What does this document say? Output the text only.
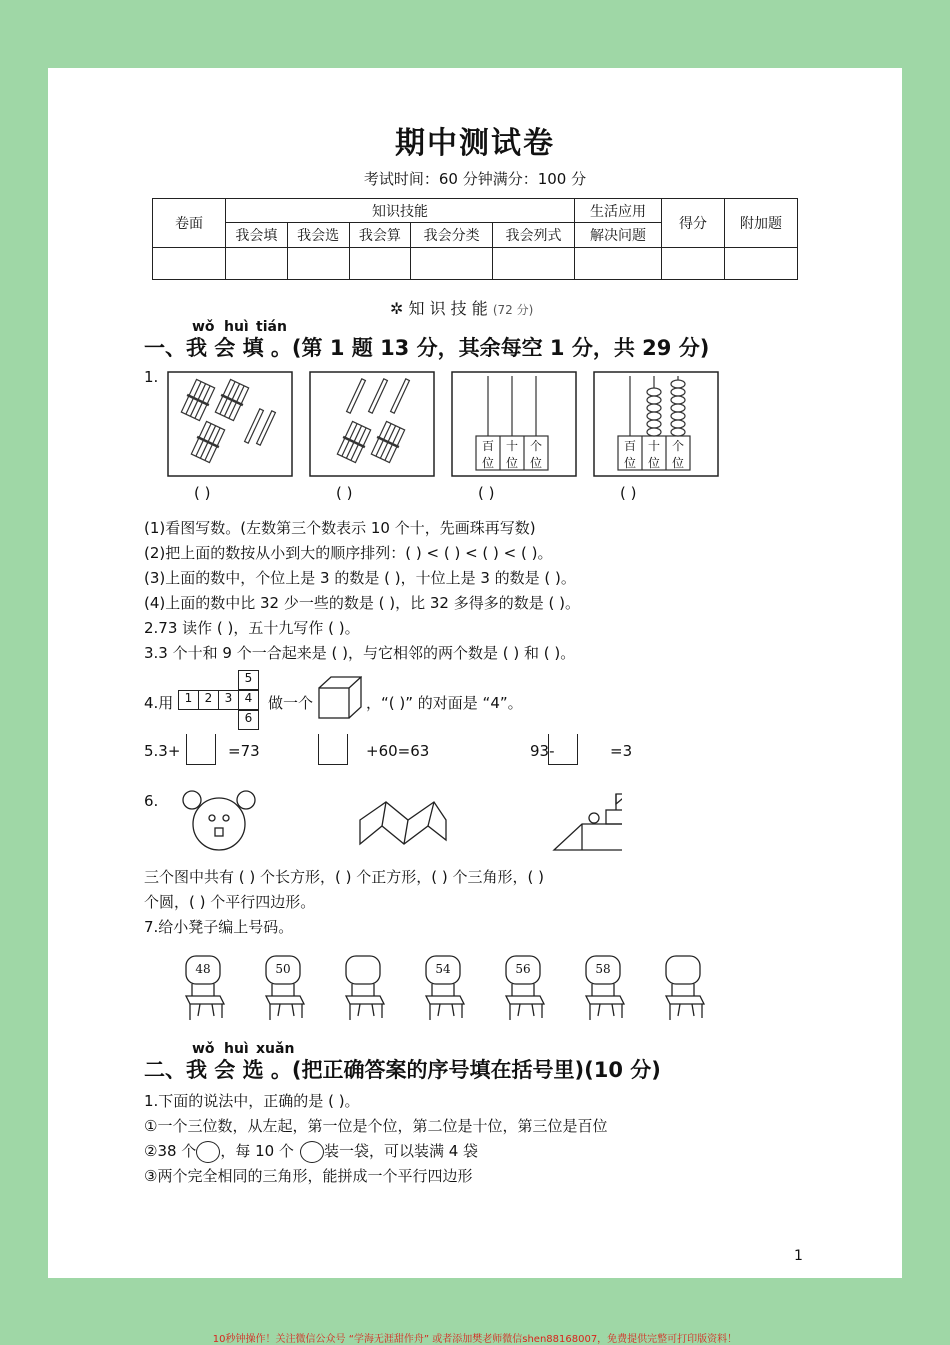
期中测试卷
考试时间：60 分钟满分：100 分
卷面	知识技能					生活应用	得分	附加题
	我会填	我会选	我会算	我会分类	我会列式	解决问题		

✲ 知 识 技 能 (72 分)
wǒ huì tián
一、我 会 填 。(第 1 题 13 分，其余每空 1 分，共 29 分)
1.
百 十 个
位 位 位
百 十 个
位 位 位
( )	( )	( )	( )
(1)看图写数。(左数第三个数表示 10 个十，先画珠再写数)
(2)把上面的数按从小到大的顺序排列：( ) < ( ) < ( ) < ( )。
(3)上面的数中，个位上是 3 的数是 ( )，十位上是 3 的数是 ( )。
(4)上面的数中比 32 少一些的数是 ( )，比 32 多得多的数是 ( )。
2.73 读作 ( )，五十九写作 ( )。
3.3 个十和 9 个一合起来是 ( )，与它相邻的两个数是 ( ) 和 ( )。
4.用 1	2	3	4
5
6
做一个	，“( )” 的对面是 “4”。
5.3+	=73	+60=63	93-	=3
6.
三个图中共有 ( ) 个长方形，( ) 个正方形，( ) 个三角形，( )
个圆，( ) 个平行四边形。
7.给小凳子编上号码。
48	50	54	56	58
wǒ huì xuǎn
二、我 会 选 。(把正确答案的序号填在括号里)(10 分)
1.下面的说法中，正确的是 ( )。
①一个三位数，从左起，第一位是个位，第二位是十位，第三位是百位
②38 个 ，每 10 个 装一袋，可以装满 4 袋
③两个完全相同的三角形，能拼成一个平行四边形
1
10秒钟操作！关注微信公众号 “学海无涯甜作舟” 或者添加樊老师微信shen88168007，免费提供完整可打印版资料！
